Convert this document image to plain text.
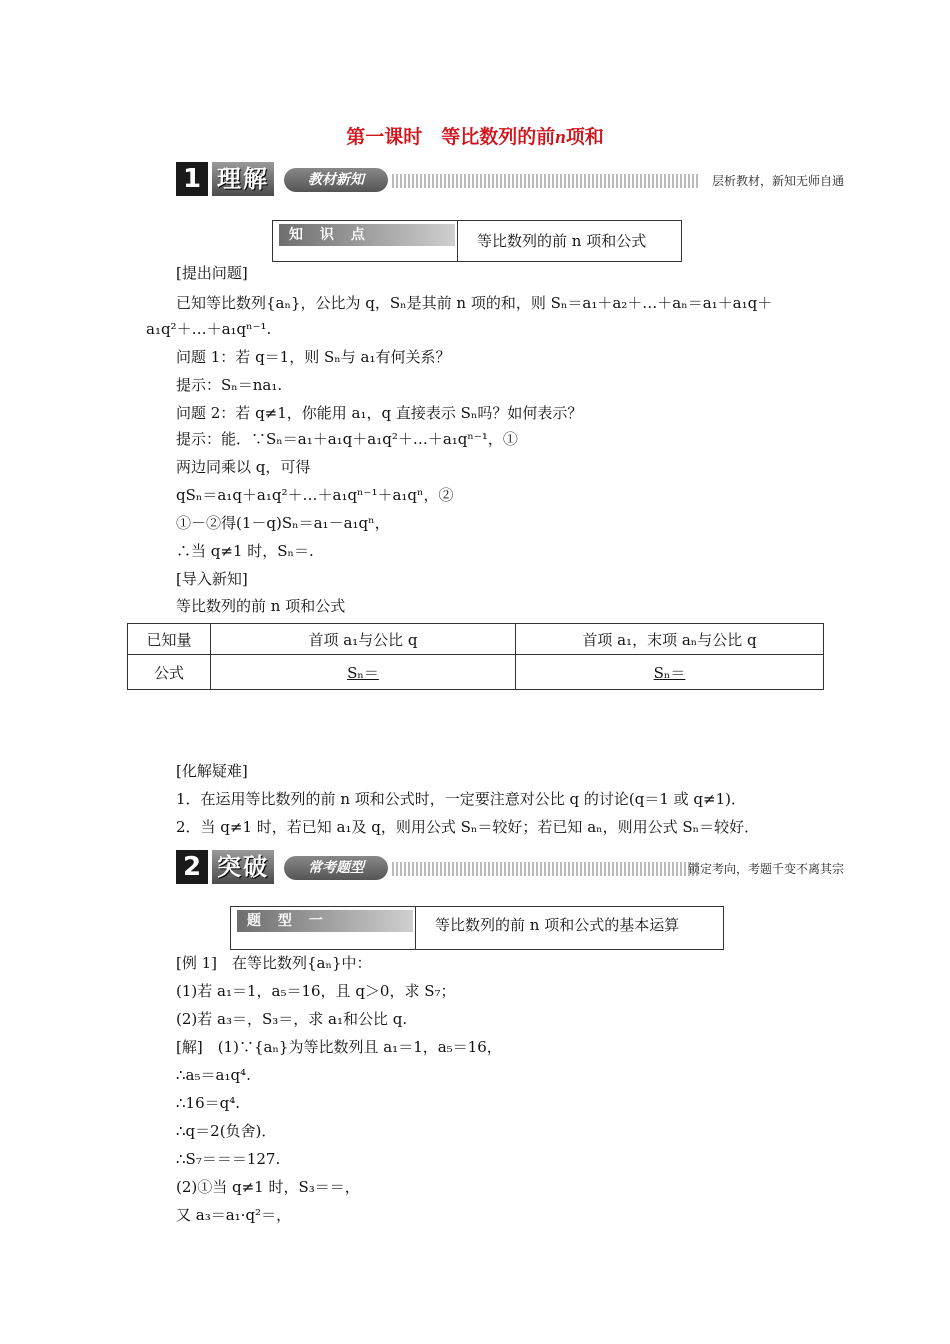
第一课时　等比数列的前n项和
1 理解	教材新知	层析教材，新知无师自通
知 识 点	等比数列的前 n 项和公式
[提出问题]
已知等比数列{aₙ}，公比为 q，Sₙ是其前 n 项的和，则 Sₙ＝a₁＋a₂＋…＋aₙ＝a₁＋a₁q＋
a₁q²＋…＋a₁qⁿ⁻¹.
问题 1：若 q＝1，则 Sₙ与 a₁有何关系？
提示：Sₙ＝na₁.
问题 2：若 q≠1，你能用 a₁，q 直接表示 Sₙ吗？如何表示？
提示：能．∵Sₙ＝a₁＋a₁q＋a₁q²＋…＋a₁qⁿ⁻¹，①
两边同乘以 q，可得
qSₙ＝a₁q＋a₁q²＋…＋a₁qⁿ⁻¹＋a₁qⁿ，②
①－②得(1－q)Sₙ＝a₁－a₁qⁿ，
∴当 q≠1 时，Sₙ＝.
[导入新知]
等比数列的前 n 项和公式
已知量	首项 a₁与公比 q	首项 a₁，末项 aₙ与公比 q
公式	Sₙ＝	Sₙ＝
[化解疑难]
1．在运用等比数列的前 n 项和公式时，一定要注意对公比 q 的讨论(q＝1 或 q≠1)．
2．当 q≠1 时，若已知 a₁及 q，则用公式 Sₙ＝较好；若已知 aₙ，则用公式 Sₙ＝较好．
2 突破	常考题型	锁定考向，考题千变不离其宗
题 型 一	等比数列的前 n 项和公式的基本运算
[例 1]　在等比数列{aₙ}中：
(1)若 a₁＝1，a₅＝16，且 q＞0，求 S₇；
(2)若 a₃＝，S₃＝，求 a₁和公比 q.
[解]　(1)∵{aₙ}为等比数列且 a₁＝1，a₅＝16，
∴a₅＝a₁q⁴.
∴16＝q⁴.
∴q＝2(负舍)．
∴S₇＝＝＝127.
(2)①当 q≠1 时，S₃＝＝，
又 a₃＝a₁·q²＝，
